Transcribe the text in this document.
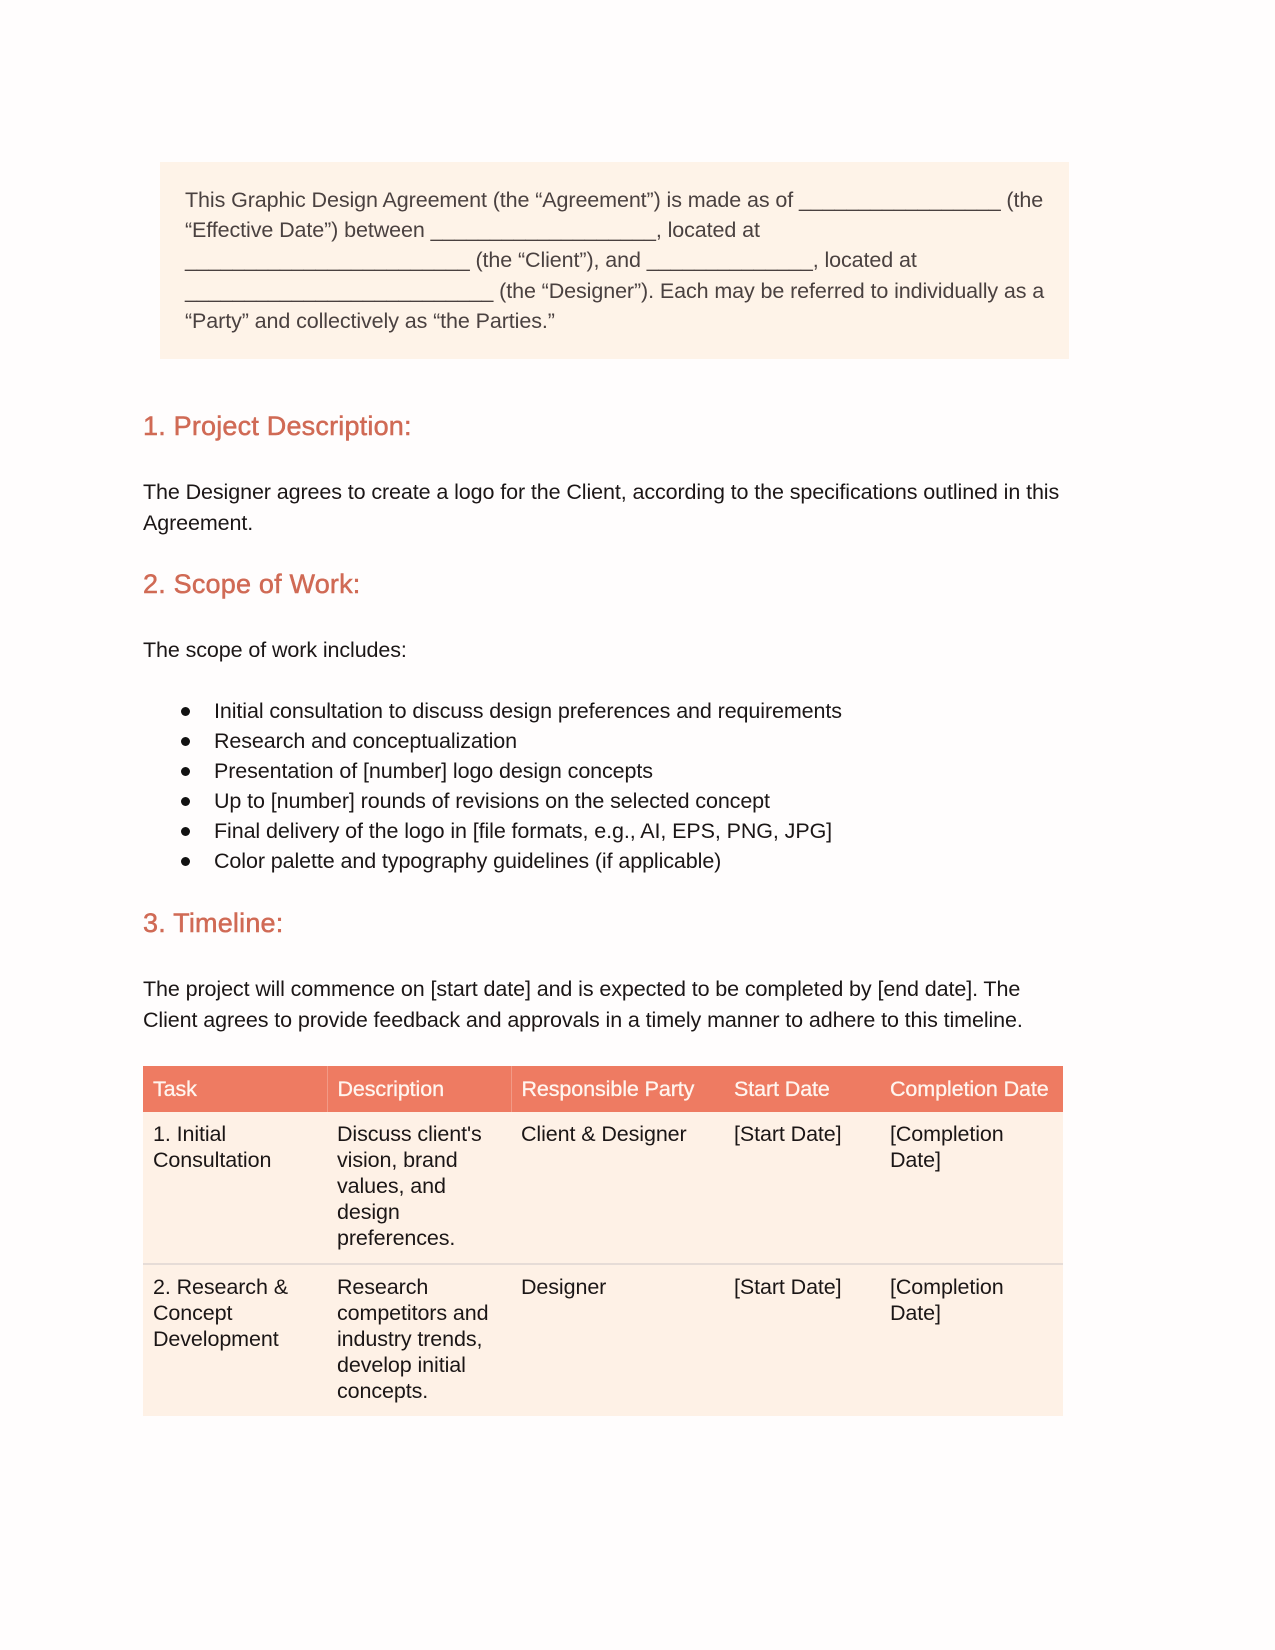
This Graphic Design Agreement (the “Agreement”) is made as of _________________ (the “Effective Date”) between ___________________, located at ________________________ (the “Client”), and ______________, located at __________________________ (the “Designer”). Each may be referred to individually as a “Party” and collectively as “the Parties.”

1. Project Description:

The Designer agrees to create a logo for the Client, according to the specifications outlined in this Agreement.

2. Scope of Work:

The scope of work includes:

Initial consultation to discuss design preferences and requirements
Research and conceptualization
Presentation of [number] logo design concepts
Up to [number] rounds of revisions on the selected concept
Final delivery of the logo in [file formats, e.g., AI, EPS, PNG, JPG]
Color palette and typography guidelines (if applicable)
3. Timeline:

The project will commence on [start date] and is expected to be completed by [end date]. The Client agrees to provide feedback and approvals in a timely manner to adhere to this timeline.

Task	Description	Responsible Party	Start Date	Completion Date
1. Initial Consultation	Discuss client's vision, brand values, and design preferences.	Client & Designer	[Start Date]	[Completion Date]
2. Research & Concept Development	Research competitors and industry trends, develop initial concepts.	Designer	[Start Date]	[Completion Date]
